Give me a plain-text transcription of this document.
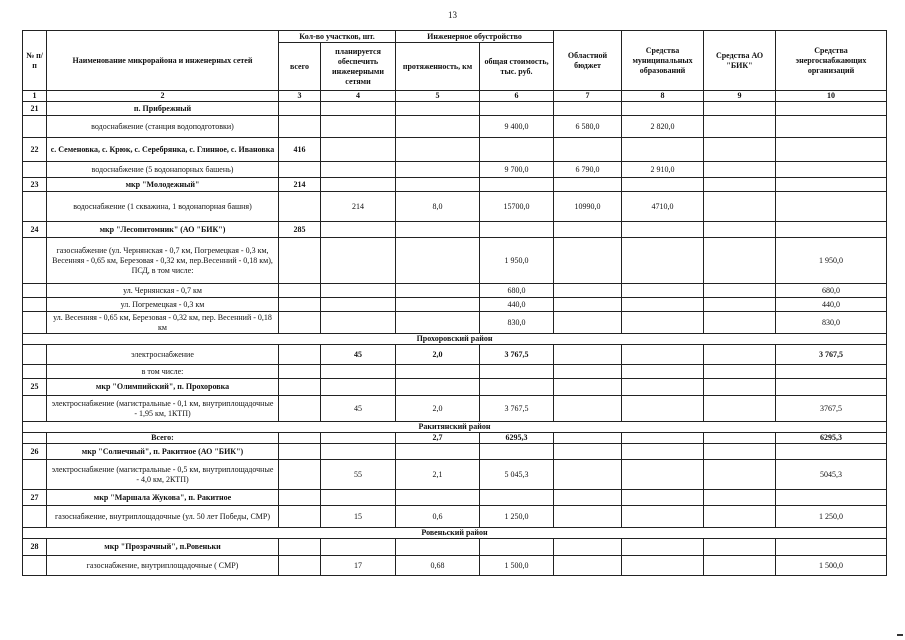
13
№ п/п	Наименование микрорайона и инженерных сетей	Кол-во участков, шт.		Инженерное обустройство		Областной бюджет	Средства муниципальных образований	Средства АО "БИК"	Средства энергоснабжающих организаций
		всего	планируется обеспечить инженерными сетями	протяженность, км	общая стоимость, тыс. руб.				
1	2	3	4	5	6	7	8	9	10
21	п. Прибрежный								
	водоснабжение (станция водоподготовки)				9 400,0	6 580,0	2 820,0		
22	с. Семеновка, с. Крюк, с. Серебрянка, с. Глинное, с. Ивановка	416							
	водоснабжение (5 водонапорных башень)				9 700,0	6 790,0	2 910,0		
23	мкр "Молодежный"	214							
	водоснабжение (1 скважина, 1 водонапорная башня)		214	8,0	15700,0	10990,0	4710,0		
24	мкр "Лесопитомник" (АО "БИК")	285							
	газоснабжение (ул. Чернянская - 0,7 км, Погремецкая - 0,3 км, Весенняя - 0,65 км, Березовая - 0,32 км, пер.Весенний - 0,18 км), ПСД, в том числе:				1 950,0				1 950,0
	ул. Чернянская - 0,7 км				680,0				680,0
	ул. Погремецкая - 0,3 км				440,0				440,0
	ул. Весенняя - 0,65 км, Березовая - 0,32 км, пер. Весенний - 0,18 км				830,0				830,0
Прохоровский район									
	электроснабжение		45	2,0	3 767,5				3 767,5
	в том числе:								
25	мкр "Олимпийский", п. Прохоровка								
	электроснабжение (магистральные - 0,1 км, внутриплощадочные - 1,95 км, 1КТП)		45	2,0	3 767,5				3767,5
Ракитянский район									
	Всего:			2,7	6295,3				6295,3
26	мкр "Солнечный", п. Ракитное (АО "БИК")								
	электроснабжение (магистральные - 0,5 км, внутриплощадочные - 4,0 км, 2КТП)		55	2,1	5 045,3				5045,3
27	мкр "Маршала Жукова", п. Ракитное								
	газоснабжение, внутриплощадочные (ул. 50 лет Победы, СМР)		15	0,6	1 250,0				1 250,0
Ровеньский район									
28	мкр "Прозрачный", п.Ровеньки								
	газоснабжение, внутриплощадочные ( СМР)		17	0,68	1 500,0				1 500,0
